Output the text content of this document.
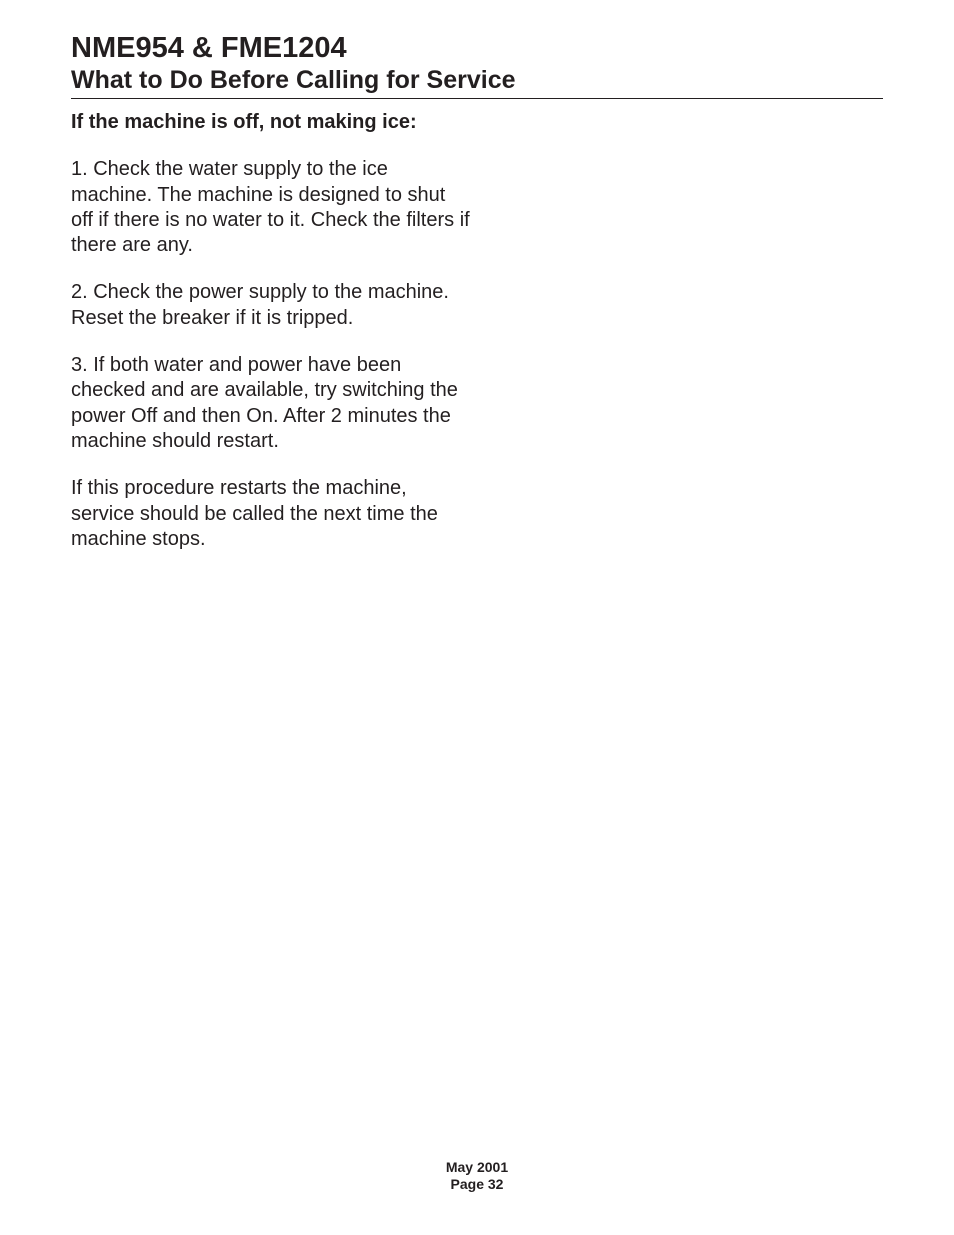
NME954 & FME1204
What to Do Before Calling for Service

If the machine is off, not making ice:

1. Check the water supply to the ice machine. The machine is designed to shut off if there is no water to it. Check the filters if there are any.

2. Check the power supply to the machine. Reset the breaker if it is tripped.

3. If both water and power have been checked and are available, try switching the power Off and then On. After 2 minutes the machine should restart.

If this procedure restarts the machine, service should be called the next time the machine stops.

May 2001
Page 32
